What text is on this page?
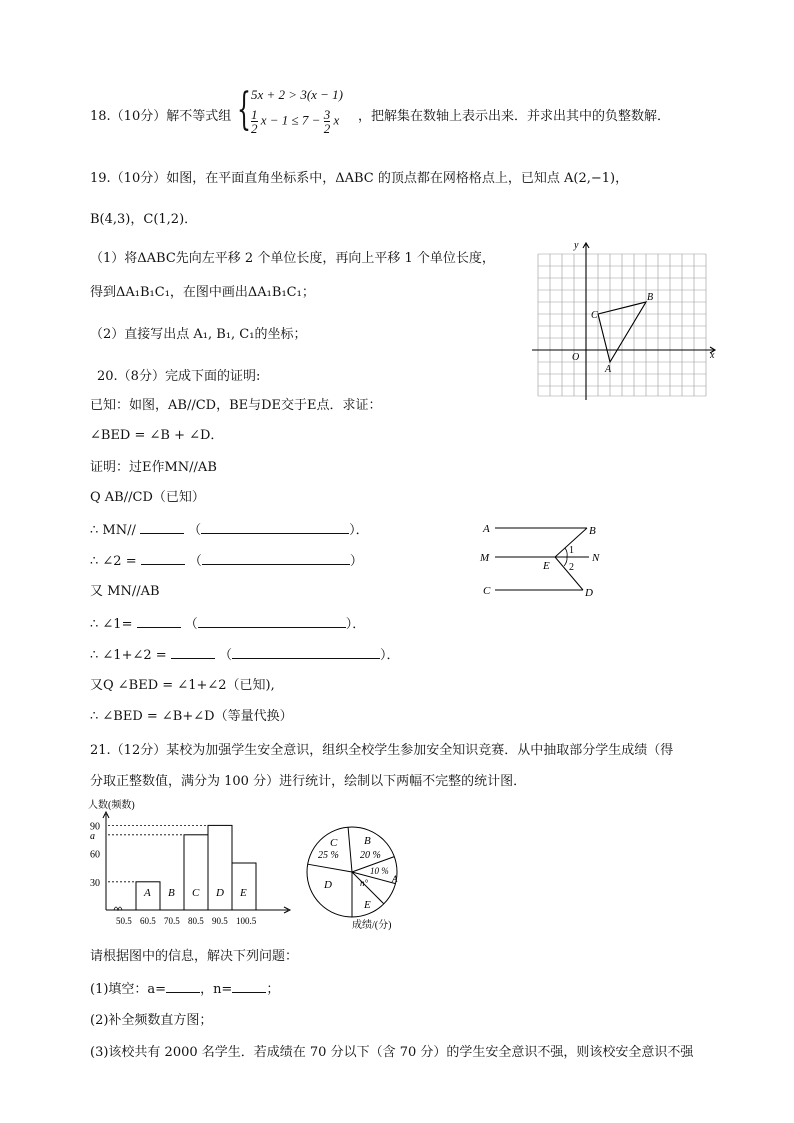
18.（10分）解不等式组 { 5x + 2 > 3(x − 1)
$\frac{1}{2}$ $x - 1 \le 7 - \frac{3}{2}$ x ，把解集在数轴上表示出来．并求出其中的负整数解．
19.（10分）如图，在平面直角坐标系中，ΔABC 的顶点都在网格格点上，已知点 A(2,−1)，
B(4,3)，C(1,2)．
（1）将ΔABC先向左平移 2 个单位长度，再向上平移 1 个单位长度，
得到ΔA₁B₁C₁，在图中画出ΔA₁B₁C₁；
（2）直接写出点 A₁, B₁, C₁的坐标；
y
x
O
A
B
C
20.（8分）完成下面的证明:
已知：如图，AB//CD，BE与DE交于E点．求证：
∠BED = ∠B + ∠D．
证明：过E作MN//AB
Q AB//CD（已知）
∴ MN//	（	）．
∴ ∠2 =	（	）
又 MN//AB
∴ ∠1=	（	）．
∴ ∠1+∠2 =	（	）．
又Q ∠BED = ∠1+∠2（已知),
∴ ∠BED = ∠B+∠D（等量代换）
A	B
M	N
E
C	D
1
2
21.（12分）某校为加强学生安全意识，组织全校学生参加安全知识竞赛．从中抽取部分学生成绩（得
分取正整数值，满分为 100 分）进行统计，绘制以下两幅不完整的统计图．
人数(频数)
30
60
a
90
50.5 60.5 70.5 80.5 90.5 100.5
A B C D E
C
25 %
B
20 %
10 %
A
D	n°
E
成绩/(分)
请根据图中的信息，解决下列问题：
(1)填空：a=	，n=	；
(2)补全频数直方图；
(3)该校共有 2000 名学生．若成绩在 70 分以下（含 70 分）的学生安全意识不强，则该校安全意识不强
